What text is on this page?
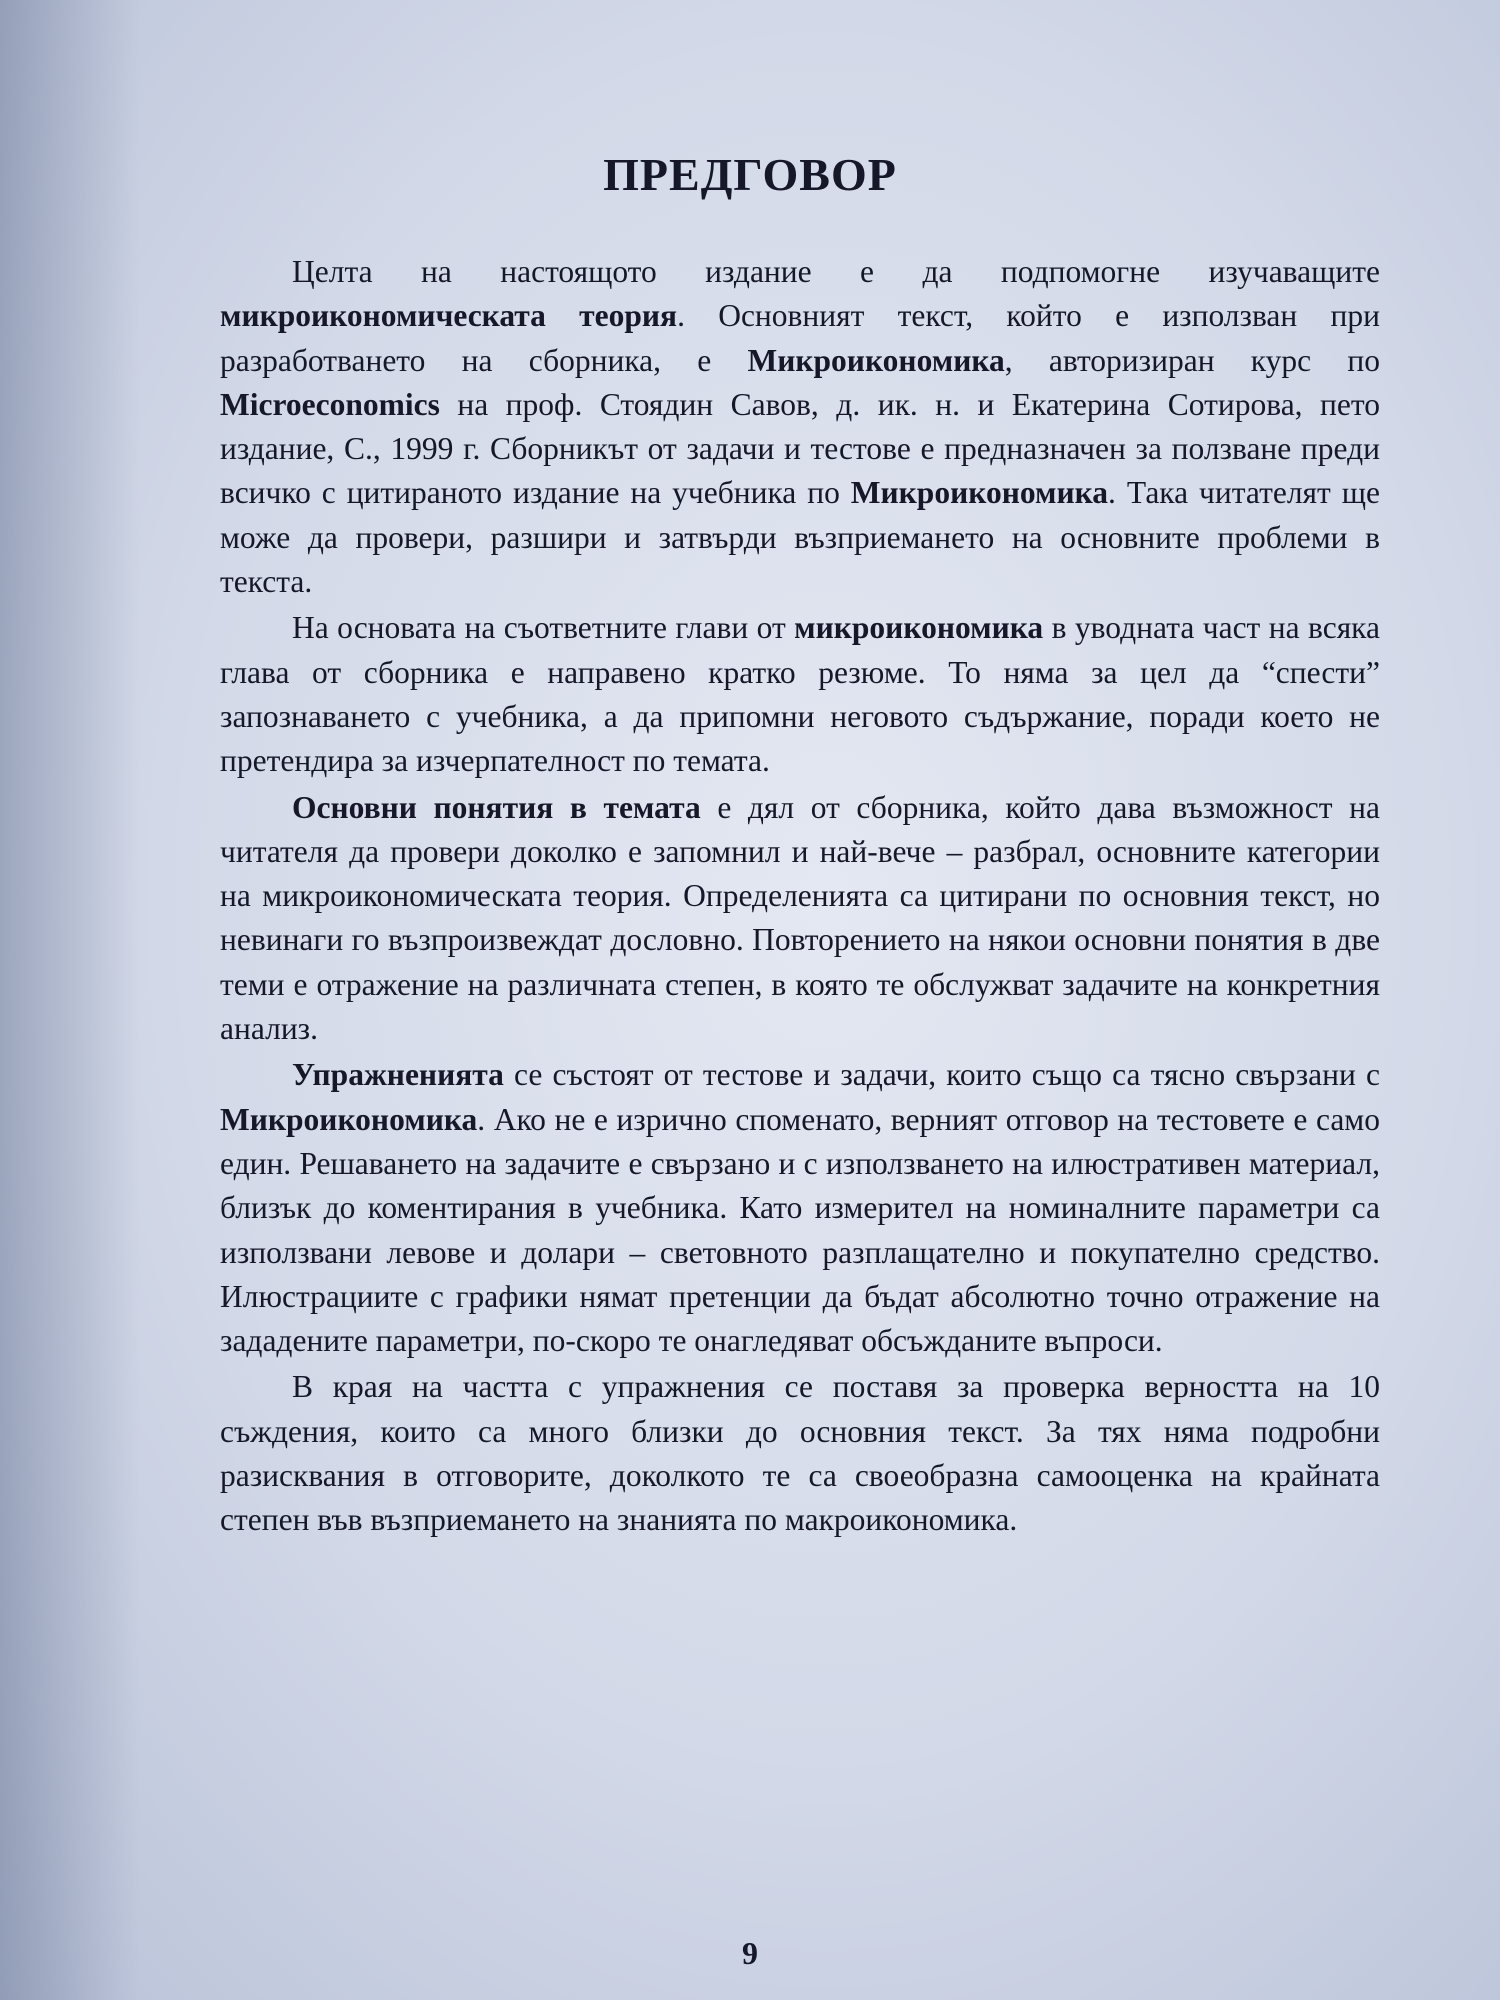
ПРЕДГОВОР

Целта на настоящото издание е да подпомогне изучаващите микроикономическата теория. Основният текст, който е използван при разработването на сборника, е Микроикономика, авторизиран курс по Microeconomics на проф. Стоядин Савов, д. ик. н. и Екатерина Сотирова, пето издание, С., 1999 г. Сборникът от задачи и тестове е предназначен за ползване преди всичко с цитираното издание на учебника по Микроикономика. Така читателят ще може да провери, разшири и затвърди възприемането на основните проблеми в текста.

На основата на съответните глави от микроикономика в уводната част на всяка глава от сборника е направено кратко резюме. То няма за цел да “спести” запознаването с учебника, а да припомни неговото съдържание, поради което не претендира за изчерпателност по темата.

Основни понятия в темата е дял от сборника, който дава възможност на читателя да провери доколко е запомнил и най-вече – разбрал, основните категории на микроикономическата теория. Определенията са цитирани по основния текст, но невинаги го възпроизвеждат дословно. Повторението на някои основни понятия в две теми е отражение на различната степен, в която те обслужват задачите на конкретния анализ.

Упражненията се състоят от тестове и задачи, които също са тясно свързани с Микроикономика. Ако не е изрично споменато, верният отговор на тестовете е само един. Решаването на задачите е свързано и с използването на илюстративен материал, близък до коментирания в учебника. Като измерител на номиналните параметри са използвани левове и долари – световното разплащателно и покупателно средство. Илюстрациите с графики нямат претенции да бъдат абсолютно точно отражение на зададените параметри, по-скоро те онагледяват обсъжданите въпроси.

В края на частта с упражнения се поставя за проверка верността на 10 съждения, които са много близки до основния текст. За тях няма подробни разисквания в отговорите, доколкото те са своеобразна самооценка на крайната степен във възприемането на знанията по макроикономика.

9
